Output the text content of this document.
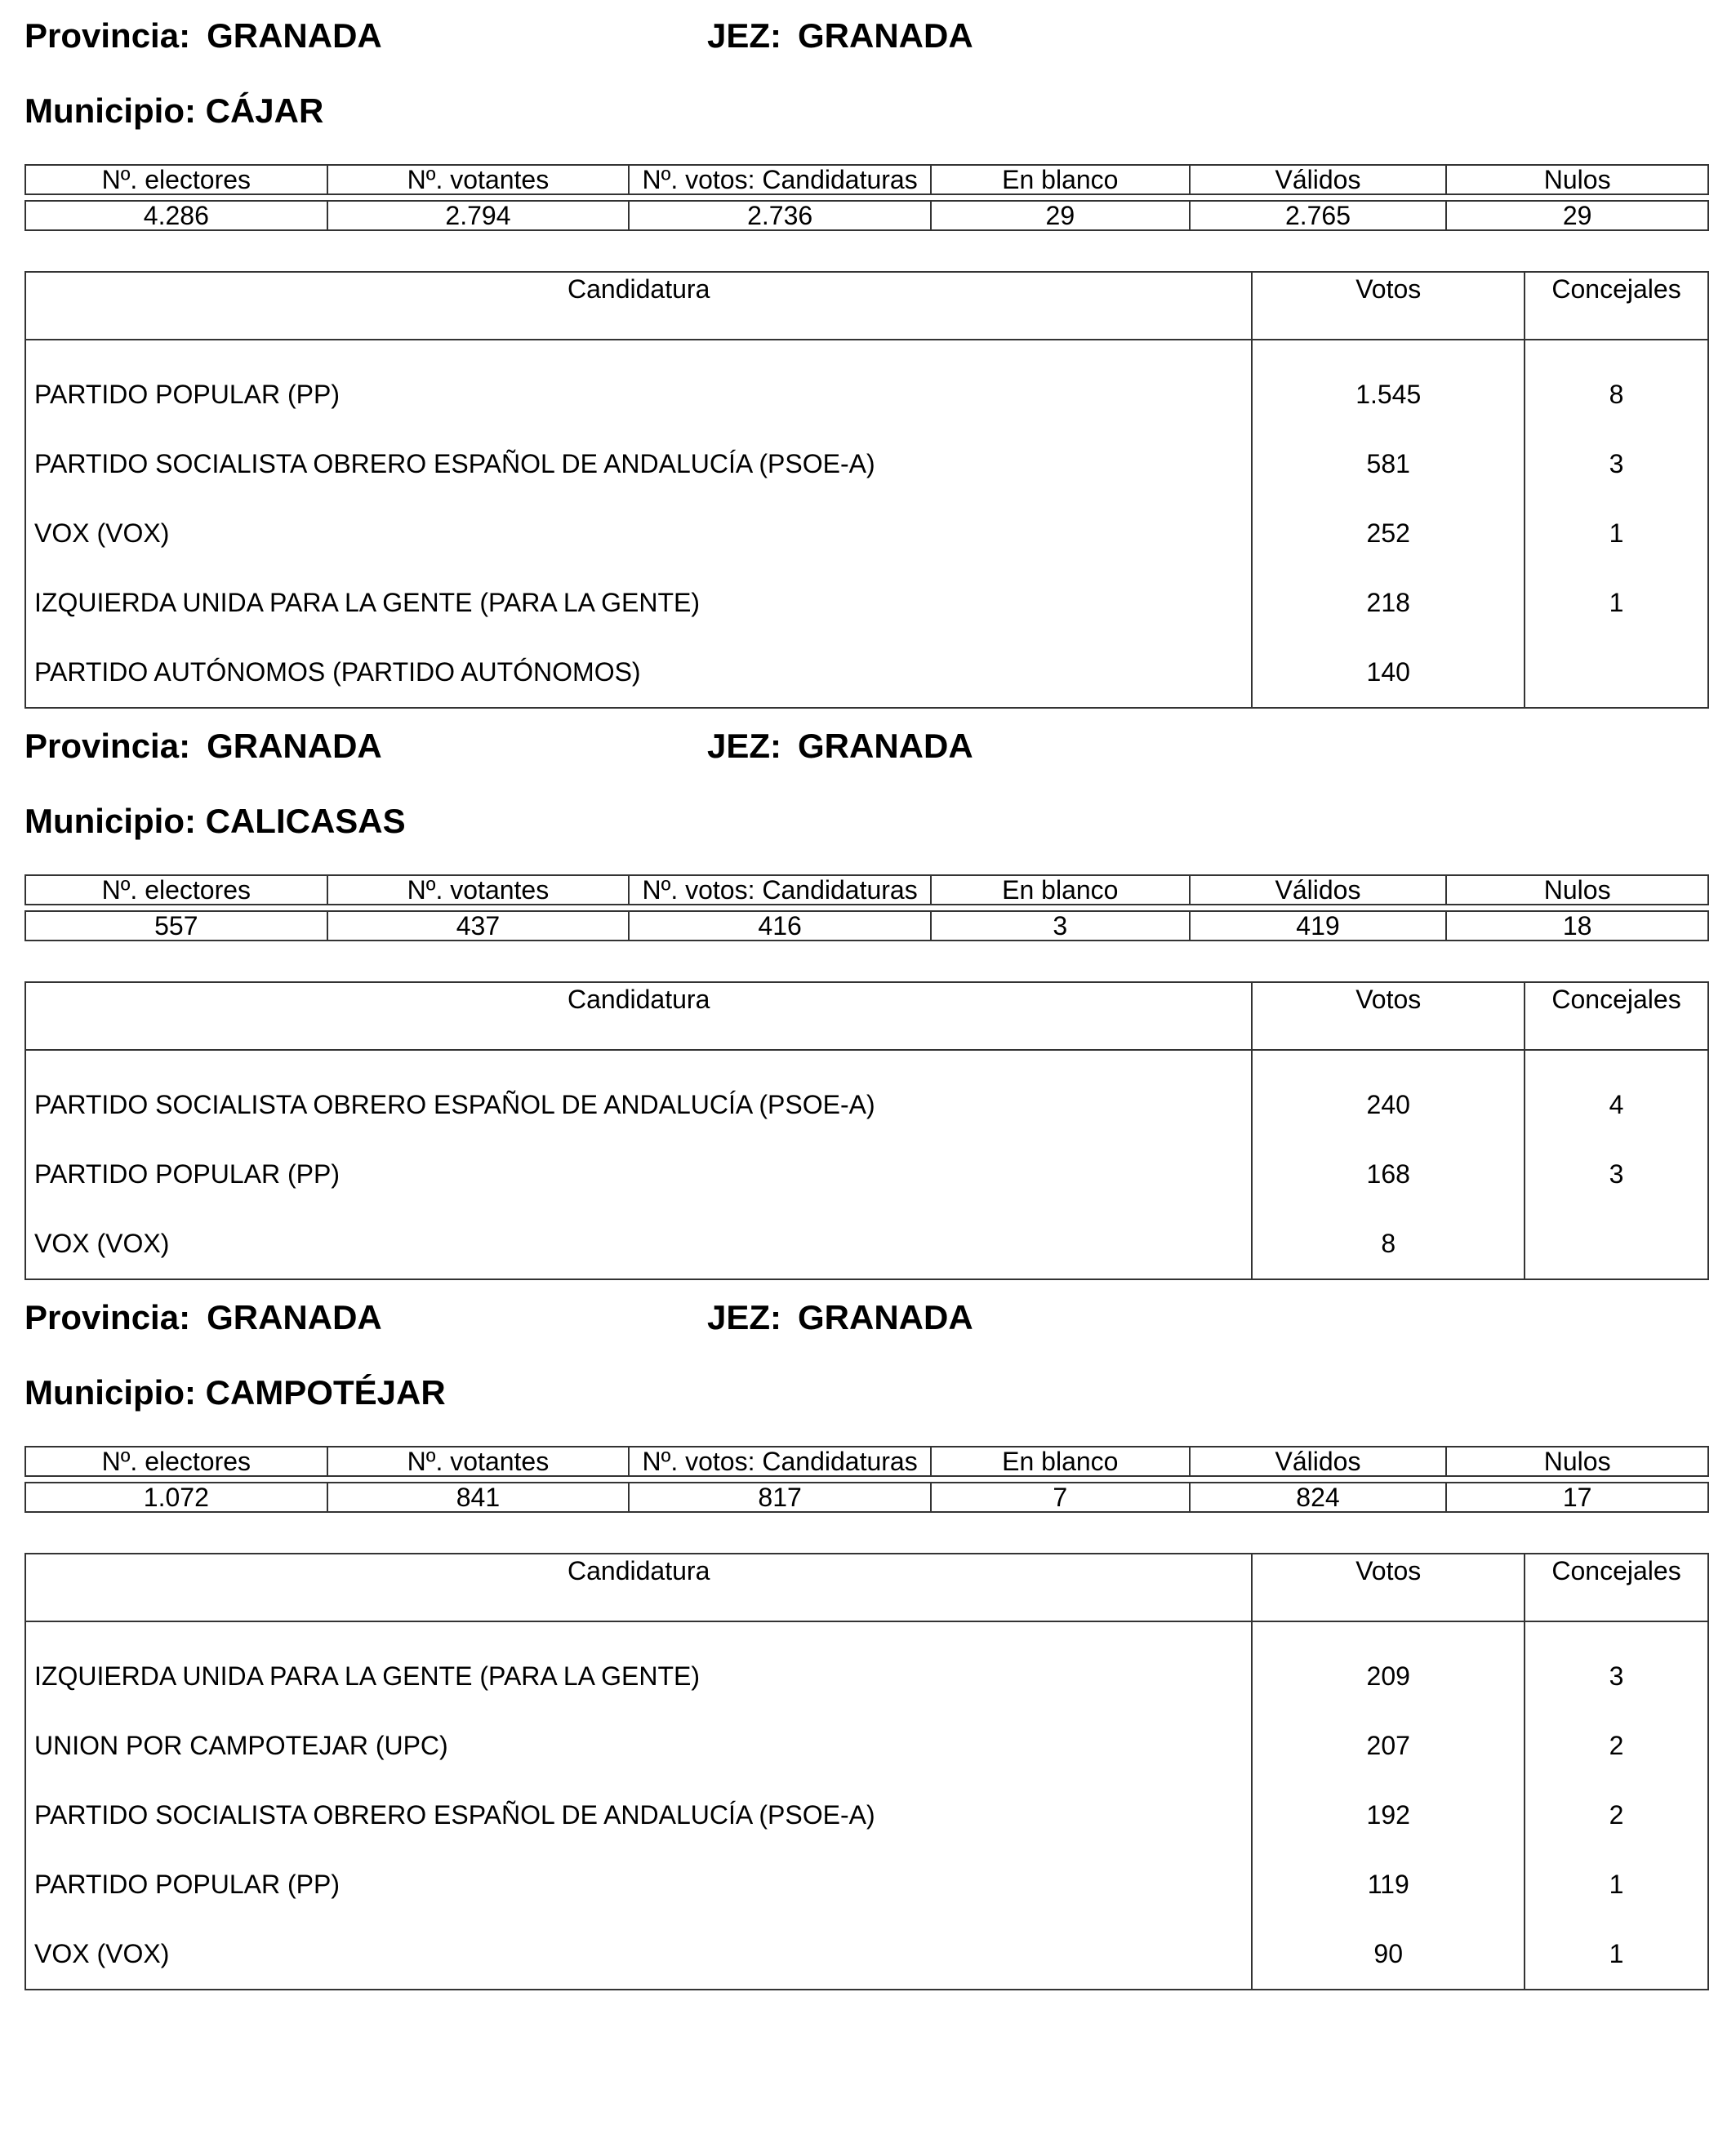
Provincia: GRANADA	JEZ: GRANADA
Municipio: CÁJAR
Nº. electores	Nº. votantes	Nº. votos: Candidaturas	En blanco	Válidos	Nulos

4.286	2.794	2.736	29	2.765	29
Candidatura	Votos	Concejales
PARTIDO POPULAR (PP)	1.545	8
PARTIDO SOCIALISTA OBRERO ESPAÑOL DE ANDALUCÍA (PSOE-A)	581	3
VOX (VOX)	252	1
IZQUIERDA UNIDA PARA LA GENTE (PARA LA GENTE)	218	1
PARTIDO AUTÓNOMOS (PARTIDO AUTÓNOMOS)	140	
Provincia: GRANADA	JEZ: GRANADA
Municipio: CALICASAS
Nº. electores	Nº. votantes	Nº. votos: Candidaturas	En blanco	Válidos	Nulos

557	437	416	3	419	18
Candidatura	Votos	Concejales
PARTIDO SOCIALISTA OBRERO ESPAÑOL DE ANDALUCÍA (PSOE-A)	240	4
PARTIDO POPULAR (PP)	168	3
VOX (VOX)	8	
Provincia: GRANADA	JEZ: GRANADA
Municipio: CAMPOTÉJAR
Nº. electores	Nº. votantes	Nº. votos: Candidaturas	En blanco	Válidos	Nulos

1.072	841	817	7	824	17
Candidatura	Votos	Concejales
IZQUIERDA UNIDA PARA LA GENTE (PARA LA GENTE)	209	3
UNION POR CAMPOTEJAR (UPC)	207	2
PARTIDO SOCIALISTA OBRERO ESPAÑOL DE ANDALUCÍA (PSOE-A)	192	2
PARTIDO POPULAR (PP)	119	1
VOX (VOX)	90	1
